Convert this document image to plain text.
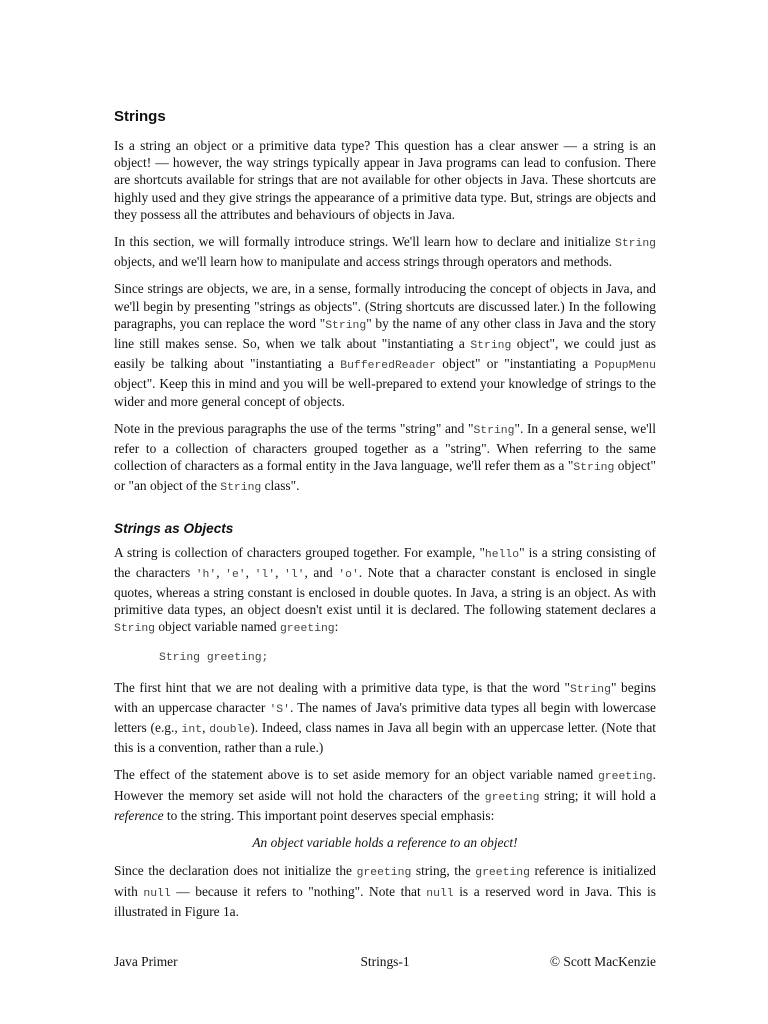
Strings

Is a string an object or a primitive data type? This question has a clear answer — a string is an object! — however, the way strings typically appear in Java programs can lead to confusion. There are shortcuts available for strings that are not available for other objects in Java. These shortcuts are highly used and they give strings the appearance of a primitive data type. But, strings are objects and they possess all the attributes and behaviours of objects in Java.

In this section, we will formally introduce strings. We'll learn how to declare and initialize String objects, and we'll learn how to manipulate and access strings through operators and methods.

Since strings are objects, we are, in a sense, formally introducing the concept of objects in Java, and we'll begin by presenting "strings as objects". (String shortcuts are discussed later.) In the following paragraphs, you can replace the word "String" by the name of any other class in Java and the story line still makes sense. So, when we talk about "instantiating a String object", we could just as easily be talking about "instantiating a BufferedReader object" or "instantiating a PopupMenu object". Keep this in mind and you will be well-prepared to extend your knowledge of strings to the wider and more general concept of objects.

Note in the previous paragraphs the use of the terms "string" and "String". In a general sense, we'll refer to a collection of characters grouped together as a "string". When referring to the same collection of characters as a formal entity in the Java language, we'll refer them as a "String object" or "an object of the String class".

Strings as Objects

A string is collection of characters grouped together. For example, "hello" is a string consisting of the characters 'h', 'e', 'l', 'l', and 'o'. Note that a character constant is enclosed in single quotes, whereas a string constant is enclosed in double quotes. In Java, a string is an object. As with primitive data types, an object doesn't exist until it is declared. The following statement declares a String object variable named greeting:

String greeting;

The first hint that we are not dealing with a primitive data type, is that the word "String" begins with an uppercase character 'S'. The names of Java's primitive data types all begin with lowercase letters (e.g., int, double). Indeed, class names in Java all begin with an uppercase letter. (Note that this is a convention, rather than a rule.)

The effect of the statement above is to set aside memory for an object variable named greeting. However the memory set aside will not hold the characters of the greeting string; it will hold a reference to the string. This important point deserves special emphasis:

An object variable holds a reference to an object!

Since the declaration does not initialize the greeting string, the greeting reference is initialized with null — because it refers to "nothing". Note that null is a reserved word in Java. This is illustrated in Figure 1a.

Java Primer	Strings-1	© Scott MacKenzie
